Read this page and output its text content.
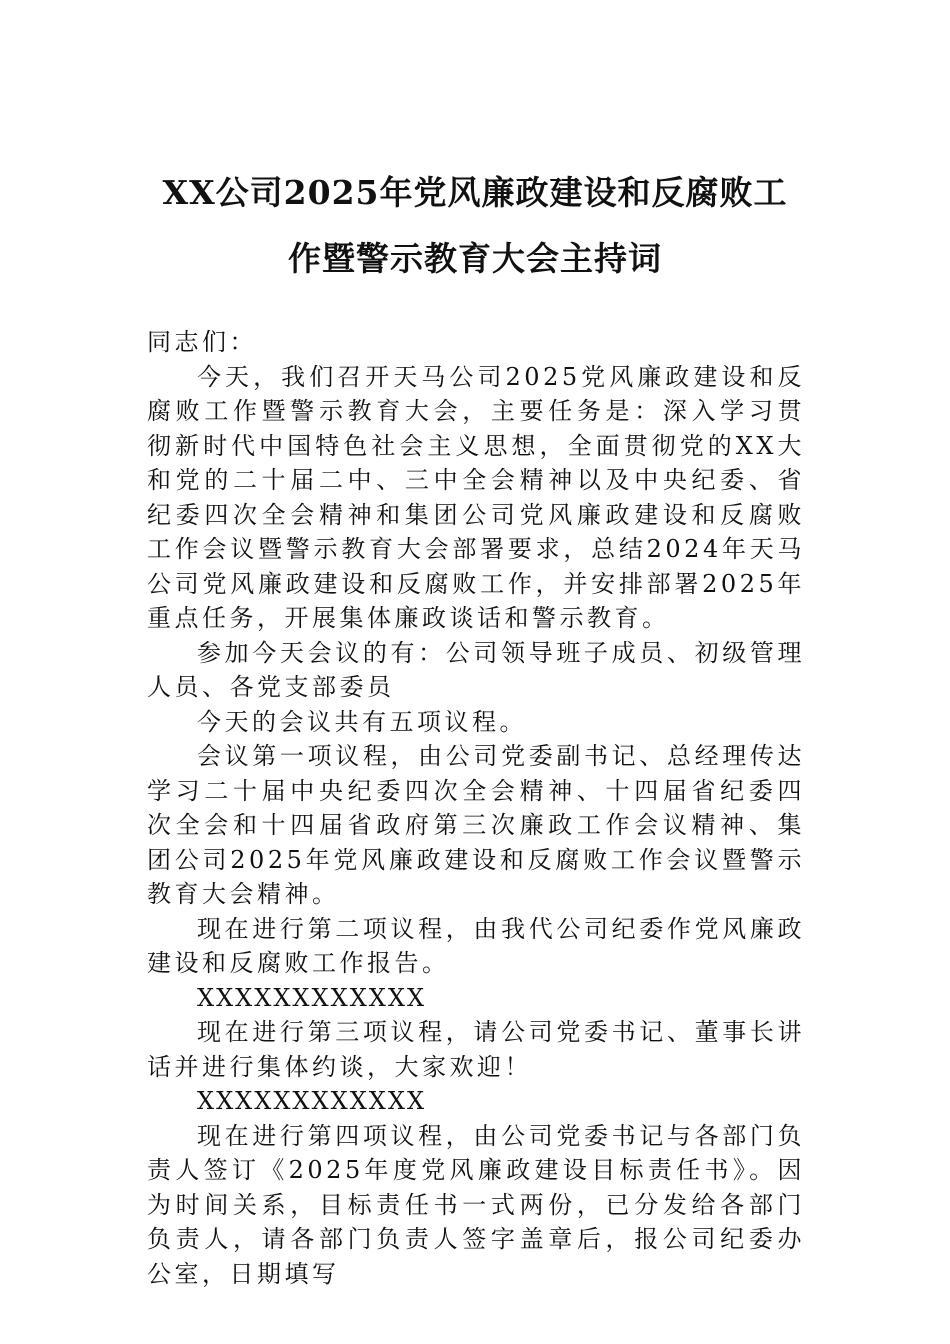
XX公司2025年党风廉政建设和反腐败工
作暨警示教育大会主持词

同志们：

今天，我们召开天马公司2025党风廉政建设和反腐败工作暨警示教育大会，主要任务是：深入学习贯彻新时代中国特色社会主义思想，全面贯彻党的XX大和党的二十届二中、三中全会精神以及中央纪委、省纪委四次全会精神和集团公司党风廉政建设和反腐败工作会议暨警示教育大会部署要求，总结2024年天马公司党风廉政建设和反腐败工作，并安排部署2025年重点任务，开展集体廉政谈话和警示教育。

参加今天会议的有：公司领导班子成员、初级管理人员、各党支部委员

今天的会议共有五项议程。

会议第一项议程，由公司党委副书记、总经理传达学习二十届中央纪委四次全会精神、十四届省纪委四次全会和十四届省政府第三次廉政工作会议精神、集团公司2025年党风廉政建设和反腐败工作会议暨警示教育大会精神。

现在进行第二项议程，由我代公司纪委作党风廉政建设和反腐败工作报告。

XXXXXXXXXXXX

现在进行第三项议程，请公司党委书记、董事长讲话并进行集体约谈，大家欢迎！

XXXXXXXXXXXX

现在进行第四项议程，由公司党委书记与各部门负责人签订《2025年度党风廉政建设目标责任书》。因为时间关系，目标责任书一式两份，已分发给各部门负责人，请各部门负责人签字盖章后，报公司纪委办公室，日期填写
